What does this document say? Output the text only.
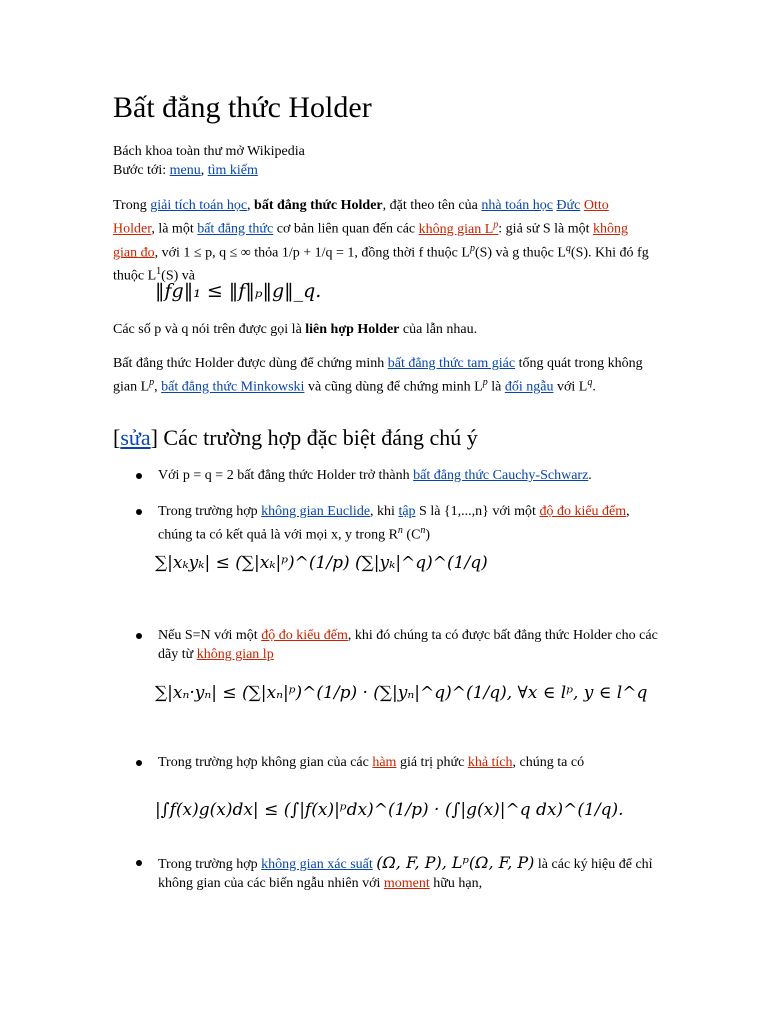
Bất đẳng thức Holder
Bách khoa toàn thư mở Wikipedia
Bước tới: menu, tìm kiếm
Trong giải tích toán học, bất đẳng thức Holder, đặt theo tên của nhà toán học Đức Otto Holder, là một bất đẳng thức cơ bản liên quan đến các không gian $L^p$: giả sử S là một không gian đo, với 1 ≤ p, q ≤ ∞ thỏa 1/p + 1/q = 1, đồng thời f thuộc $L^p(S)$ và g thuộc $L^q(S)$. Khi đó fg thuộc $L^1(S)$ và
‖fg‖₁ ≤ ‖f‖ₚ‖g‖_q.
Các số p và q nói trên được gọi là liên hợp Holder của lẫn nhau.
Bất đẳng thức Holder được dùng để chứng minh bất đẳng thức tam giác tổng quát trong không gian $L^p$, bất đẳng thức Minkowski và cũng dùng để chứng minh $L^p$ là đối ngẫu với $L^q$.
[sửa] Các trường hợp đặc biệt đáng chú ý
Với p = q = 2 bất đẳng thức Holder trở thành bất đẳng thức Cauchy-Schwarz.
Trong trường hợp không gian Euclide, khi tập S là {1,...,n} với một độ đo kiểu đếm, chúng ta có kết quả là với mọi x, y trong $R^n$ $(C^n)$
∑|xₖyₖ| ≤ (∑|xₖ|ᵖ)^(1/p) (∑|yₖ|^q)^(1/q)
Nếu S=N với một độ đo kiểu đếm, khi đó chúng ta có được bất đẳng thức Holder cho các dãy từ không gian lp
∑|xₙ·yₙ| ≤ (∑|xₙ|ᵖ)^(1/p) · (∑|yₙ|^q)^(1/q), ∀x ∈ lᵖ, y ∈ l^q
Trong trường hợp không gian của các hàm giá trị phức khả tích, chúng ta có
|∫f(x)g(x)dx| ≤ (∫|f(x)|ᵖdx)^(1/p) · (∫|g(x)|^q dx)^(1/q).
Trong trường hợp không gian xác suất (Ω, F, P), Lᵖ(Ω, F, P) là các ký hiệu để chỉ không gian của các biến ngẫu nhiên với moment hữu hạn,
